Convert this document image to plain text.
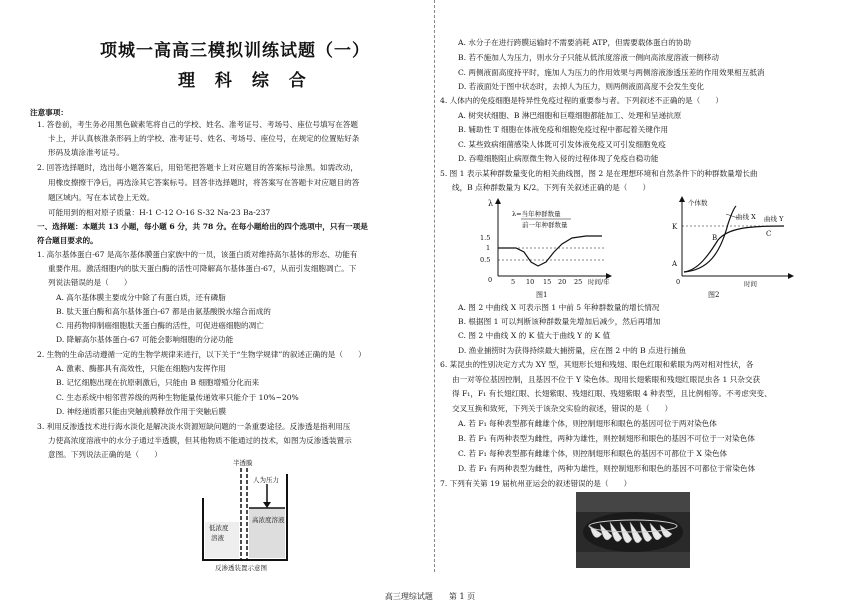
项城一高高三模拟训练试题（一）
理 科 综 合
注意事项：
1. 答卷前，考生务必用黑色碳素笔将自己的学校、姓名、准考证号、考场号、座位号填写在答题
卡上，并认真核准条形码上的学校、准考证号、姓名、考场号、座位号，在规定的位置贴好条
形码及填涂准考证号。
2. 回答选择题时，选出每小题答案后，用铅笔把答题卡上对应题目的答案标号涂黑。如需改动，
用橡皮擦擦干净后，再选涂其它答案标号。回答非选择题时，将答案写在答题卡对应题目的答
题区域内。写在本试卷上无效。
可能用到的相对原子质量：H-1 C-12 O-16 S-32 Na-23 Ba-237
一、选择题：本题共 13 小题，每小题 6 分，共 78 分。在每小题给出的四个选项中，只有一项是
符合题目要求的。
1. 高尔基体蛋白-67 是高尔基体膜蛋白家族中的一员，该蛋白质对维持高尔基体的形态、功能有
重要作用。激活细胞内的肽天蛋白酶的活性可降解高尔基体蛋白-67，从而引发细胞凋亡。下
列说法错误的是（　　）
A. 高尔基体膜主要成分中除了有蛋白质，还有磷脂
B. 肽天蛋白酶和高尔基体蛋白-67 都是由氨基酸脱水缩合而成的
C. 用药物抑制癌细胞肽天蛋白酶的活性，可促进癌细胞的凋亡
D. 降解高尔基体蛋白-67 可能会影响细胞的分泌功能
2. 生物的生命活动遵循一定的生物学规律来进行，以下关于“生物学规律”的叙述正确的是（　　）
A. 激素、酶都具有高效性，只能在细胞内发挥作用
B. 记忆细胞出现在抗原刺激后，只能由 B 细胞增殖分化而来
C. 生态系统中相邻营养级的两种生物能量传递效率只能介于 10%~20%
D. 神经递质都只能由突触前膜释放作用于突触后膜
3. 利用反渗透技术进行海水淡化是解决淡水资源短缺问题的一条重要途径。反渗透是指利用压
力使高浓度溶液中的水分子通过半透膜，但其他物质不能通过的技术，如图为反渗透装置示
意图。下列说法正确的是（　　）
半透膜
人为压力
高浓度溶液
低浓度
溶液
反渗透装置示意图
A. 水分子在进行跨膜运输时不需要消耗 ATP，但需要载体蛋白的协助
B. 若不施加人为压力，则水分子只能从低浓度溶液一侧向高浓度溶液一侧移动
C. 两侧液面高度持平时，施加人为压力的作用效果与两侧溶液渗透压差的作用效果相互抵消
D. 若液面处于图中状态时，去掉人为压力，则两侧液面高度不会发生变化
4. 人体内的免疫细胞是特异性免疫过程的重要参与者。下列叙述不正确的是（　　）
A. 树突状细胞、B 淋巴细胞和巨噬细胞都能加工、处理和呈递抗原
B. 辅助性 T 细胞在体液免疫和细胞免疫过程中都起着关键作用
C. 某些致病细菌感染人体既可引发体液免疫又可引发细胞免疫
D. 吞噬细胞阻止病原微生物入侵的过程体现了免疫自稳功能
5. 图 1 表示某种群数量变化的相关曲线图，图 2 是在理想环境和自然条件下的种群数量增长曲
线，B 点种群数量为 K/2。下列有关叙述正确的是（　　）
λ
λ=当年种群数量
前一年种群数量
1.5
1
0.5
0	5 10 15 20 25 时间/年
图1
个体数
曲线 X 曲线 Y
K
A
B	C
0	时间
图2
A. 图 2 中曲线 X 可表示图 1 中前 5 年种群数量的增长情况
B. 根据图 1 可以判断该种群数量先增加后减少，然后再增加
C. 图 2 中曲线 X 的 K 值大于曲线 Y 的 K 值
D. 渔业捕捞时为获得持续最大捕捞量，应在图 2 中的 B 点进行捕鱼
6. 某昆虫的性别决定方式为 XY 型，其翅形长翅和残翅、眼色红眼和紫眼为两对相对性状，各
由一对等位基因控制，且基因不位于 Y 染色体。现用长翅紫眼和残翅红眼昆虫各 1 只杂交获
得 F₁，F₁ 有长翅红眼、长翅紫眼、残翅红眼、残翅紫眼 4 种表型，且比例相等。不考虑突变、
交叉互换和致死，下列关于该杂交实验的叙述，错误的是（　　）
A. 若 F₁ 每种表型都有雌雄个体，则控制翅形和眼色的基因可位于两对染色体
B. 若 F₁ 有两种表型为雌性，两种为雄性，则控制翅形和眼色的基因不可位于一对染色体
C. 若 F₁ 每种表型都有雌雄个体，则控制翅形和眼色的基因不可都位于 X 染色体
D. 若 F₁ 有两种表型为雌性，两种为雄性，则控制翅形和眼色的基因不可都位于常染色体
7. 下列有关第 19 届杭州亚运会的叙述错误的是（　　）
高三理综试题　　第 1 页
